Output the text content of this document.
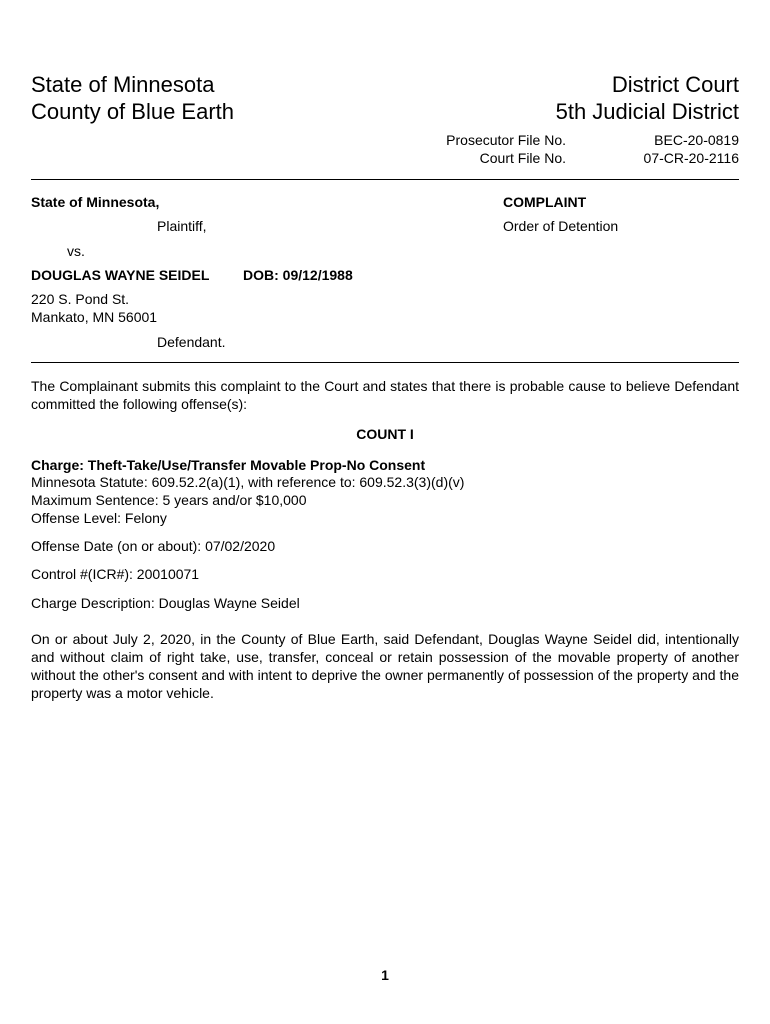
State of Minnesota
County of Blue Earth
District Court
5th Judicial District
Prosecutor File No.	BEC-20-0819
Court File No.	07-CR-20-2116
State of Minnesota,
Plaintiff,
vs.
DOUGLAS WAYNE SEIDEL DOB: 09/12/1988
220 S. Pond St.
Mankato, MN 56001
Defendant.
COMPLAINT
Order of Detention
The Complainant submits this complaint to the Court and states that there is probable cause to believe Defendant committed the following offense(s):
COUNT I
Charge: Theft-Take/Use/Transfer Movable Prop-No Consent
Minnesota Statute: 609.52.2(a)(1), with reference to: 609.52.3(3)(d)(v)
Maximum Sentence: 5 years and/or $10,000
Offense Level: Felony
Offense Date (on or about): 07/02/2020
Control #(ICR#): 20010071
Charge Description: Douglas Wayne Seidel
On or about July 2, 2020, in the County of Blue Earth, said Defendant, Douglas Wayne Seidel did, intentionally and without claim of right take, use, transfer, conceal or retain possession of the movable property of another without the other's consent and with intent to deprive the owner permanently of possession of the property and the property was a motor vehicle.
1
